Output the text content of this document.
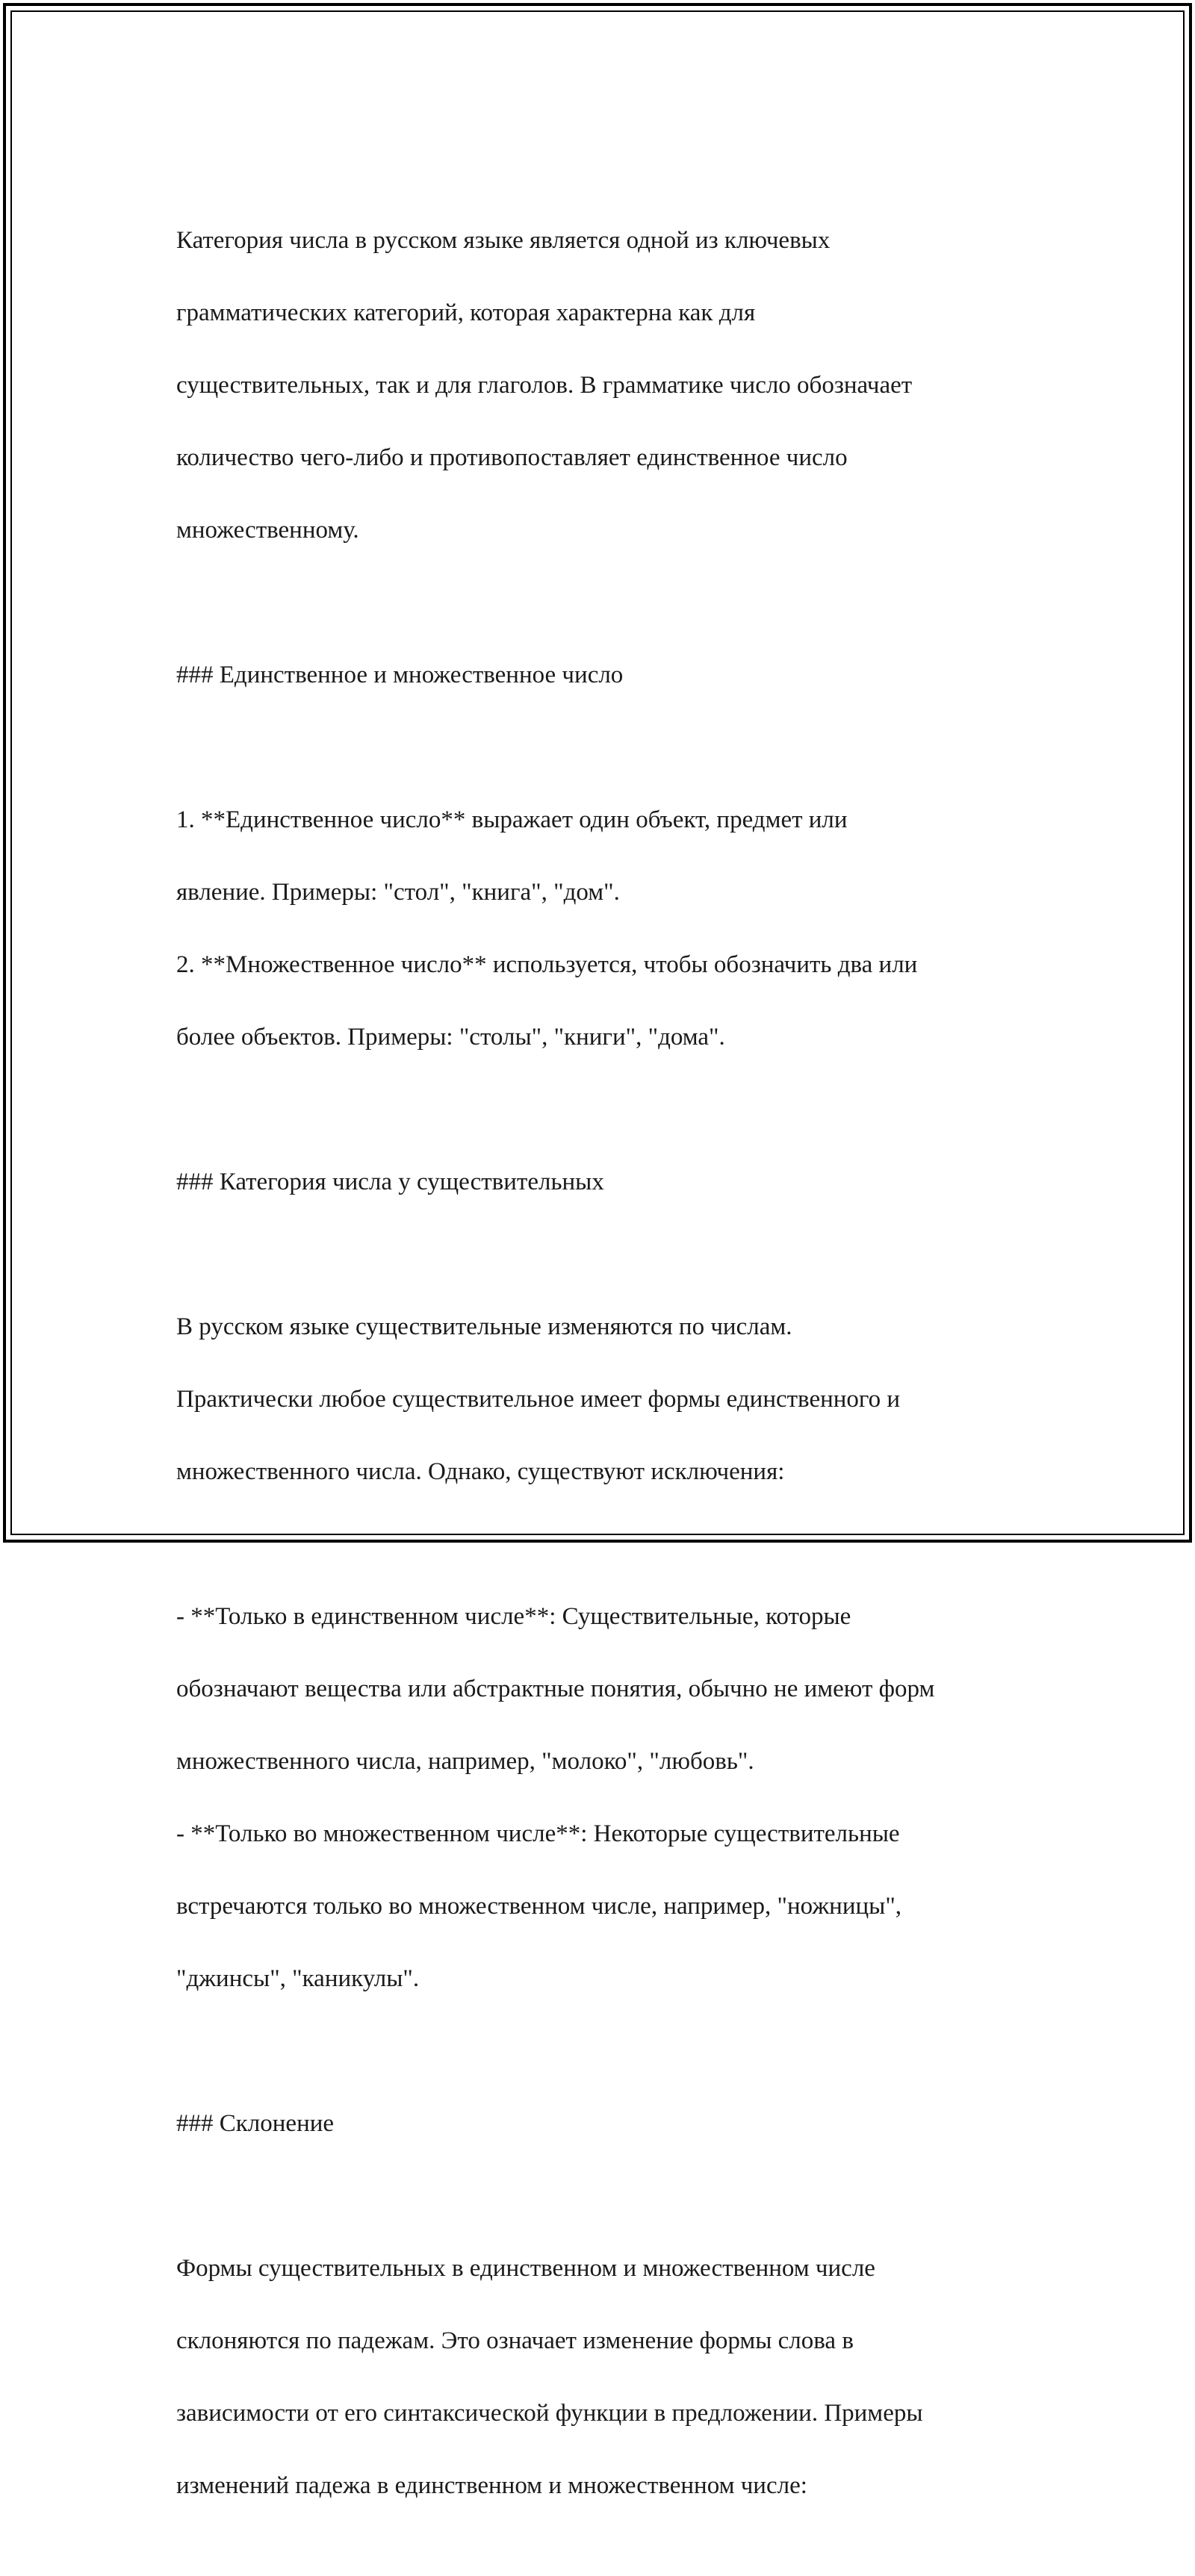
Категория числа в русском языке является одной из ключевых

грамматических категорий, которая характерна как для

существительных, так и для глаголов. В грамматике число обозначает

количество чего-либо и противопоставляет единственное число

множественному.

### Единственное и множественное число

1. **Единственное число** выражает один объект, предмет или

явление. Примеры: "стол", "книга", "дом".

2. **Множественное число** используется, чтобы обозначить два или

более объектов. Примеры: "столы", "книги", "дома".

### Категория числа у существительных

В русском языке существительные изменяются по числам.

Практически любое существительное имеет формы единственного и

множественного числа. Однако, существуют исключения:

- **Только в единственном числе**: Существительные, которые

обозначают вещества или абстрактные понятия, обычно не имеют форм

множественного числа, например, "молоко", "любовь".

- **Только во множественном числе**: Некоторые существительные

встречаются только во множественном числе, например, "ножницы",

"джинсы", "каникулы".

### Склонение

Формы существительных в единственном и множественном числе

склоняются по падежам. Это означает изменение формы слова в

зависимости от его синтаксической функции в предложении. Примеры

изменений падежа в единственном и множественном числе:
